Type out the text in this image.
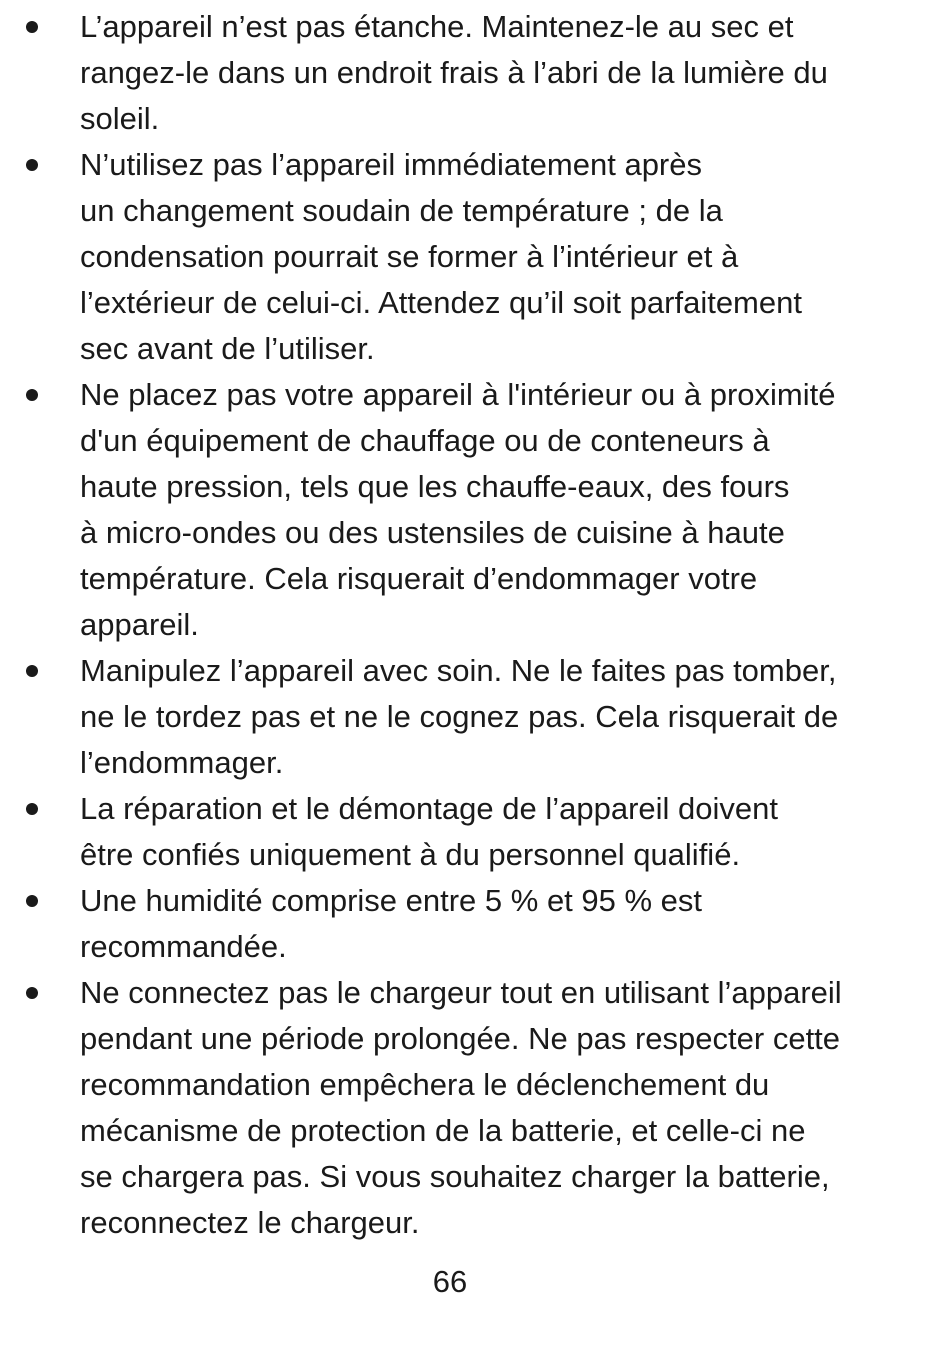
L’appareil n’est pas étanche. Maintenez-le au sec et
rangez-le dans un endroit frais à l’abri de la lumière du
soleil.
N’utilisez pas l’appareil immédiatement après
un changement soudain de température ; de la
condensation pourrait se former à l’intérieur et à
l’extérieur de celui-ci. Attendez qu’il soit parfaitement
sec avant de l’utiliser.
Ne placez pas votre appareil à l'intérieur ou à proximité
d'un équipement de chauffage ou de conteneurs à
haute pression, tels que les chauffe-eaux, des fours
à micro-ondes ou des ustensiles de cuisine à haute
température. Cela risquerait d’endommager votre
appareil.
Manipulez l’appareil avec soin. Ne le faites pas tomber,
ne le tordez pas et ne le cognez pas. Cela risquerait de
l’endommager.
La réparation et le démontage de l’appareil doivent
être confiés uniquement à du personnel qualifié.
Une humidité comprise entre 5 % et 95 % est
recommandée.
Ne connectez pas le chargeur tout en utilisant l’appareil
pendant une période prolongée. Ne pas respecter cette
recommandation empêchera le déclenchement du
mécanisme de protection de la batterie, et celle-ci ne
se chargera pas. Si vous souhaitez charger la batterie,
reconnectez le chargeur.
66
